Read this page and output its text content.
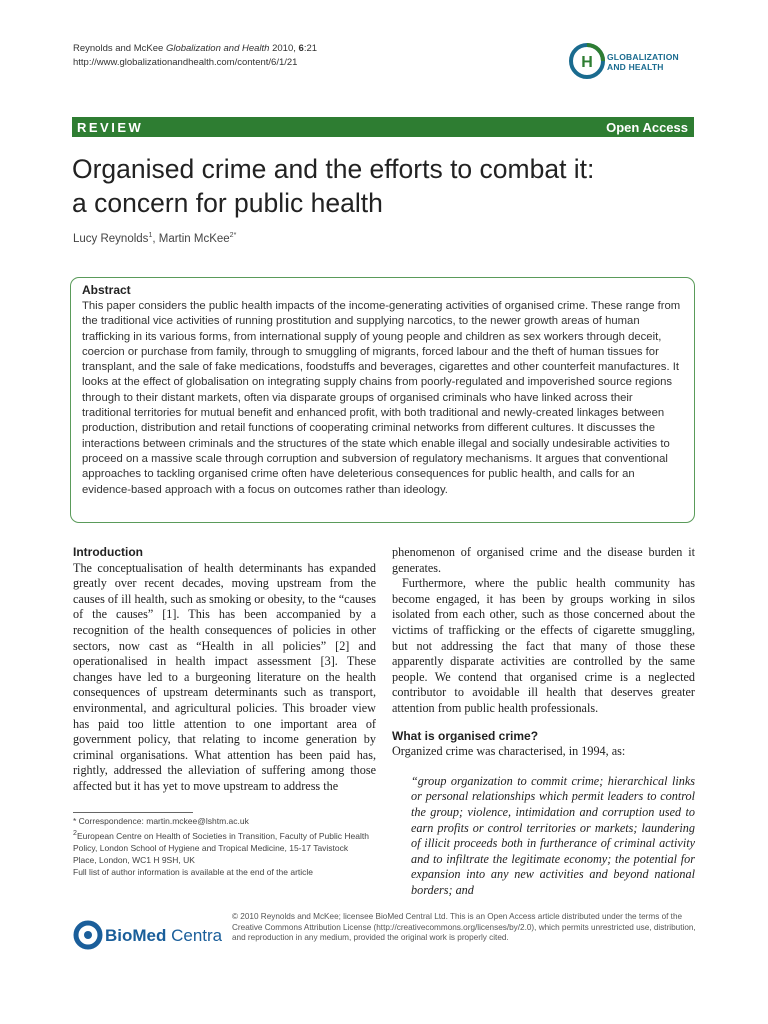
Reynolds and McKee Globalization and Health 2010, 6:21
http://www.globalizationandhealth.com/content/6/1/21	H GLOBALIZATION
AND HEALTH
REVIEW	Open Access
Organised crime and the efforts to combat it:
a concern for public health
Lucy Reynolds$^1$, Martin McKee$^{2*}$
Abstract

This paper considers the public health impacts of the income-generating activities of organised crime. These range from the traditional vice activities of running prostitution and supplying narcotics, to the newer growth areas of human trafficking in its various forms, from international supply of young people and children as sex workers through deceit, coercion or purchase from family, through to smuggling of migrants, forced labour and the theft of human tissues for transplant, and the sale of fake medications, foodstuffs and beverages, cigarettes and other counterfeit manufactures. It looks at the effect of globalisation on integrating supply chains from poorly-regulated and impoverished source regions through to their distant markets, often via disparate groups of organised criminals who have linked across their traditional territories for mutual benefit and enhanced profit, with both traditional and newly-created linkages between production, distribution and retail functions of cooperating criminal networks from different cultures. It discusses the interactions between criminals and the structures of the state which enable illegal and socially undesirable activities to proceed on a massive scale through corruption and subversion of regulatory mechanisms. It argues that conventional approaches to tackling organised crime often have deleterious consequences for public health, and calls for an evidence-based approach with a focus on outcomes rather than ideology.

Introduction

The conceptualisation of health determinants has expanded greatly over recent decades, moving upstream from the causes of ill health, such as smoking or obesity, to the “causes of the causes” [1]. This has been accompanied by a recognition of the health consequences of policies in other sectors, now cast as “Health in all policies” [2] and operationalised in health impact assessment [3]. These changes have led to a burgeoning literature on the health consequences of upstream determinants such as transport, environmental, and agricultural policies. This broader view has paid too little attention to one important area of government policy, that relating to income generation by criminal organisations. What attention has been paid has, rightly, addressed the alleviation of suffering among those affected but it has yet to move upstream to address the

phenomenon of organised crime and the disease burden it generates.

Furthermore, where the public health community has become engaged, it has been by groups working in silos isolated from each other, such as those concerned about the victims of trafficking or the effects of cigarette smuggling, but not addressing the fact that many of those these apparently disparate activities are controlled by the same people. We contend that organised crime is a neglected contributor to avoidable ill health that deserves greater attention from public health professionals.

What is organised crime?

Organized crime was characterised, in 1994, as:

“group organization to commit crime; hierarchical links or personal relationships which permit leaders to control the group; violence, intimidation and corruption used to earn profits or control territories or markets; laundering of illicit proceeds both in furtherance of criminal activity and to infiltrate the legitimate economy; the potential for expansion into any new activities and beyond national borders; and

* Correspondence: martin.mckee@lshtm.ac.uk
$^2$European Centre on Health of Societies in Transition, Faculty of Public Health Policy, London School of Hygiene and Tropical Medicine, 15-17 Tavistock Place, London, WC1 H 9SH, UK
Full list of author information is available at the end of the article
BioMed Central
© 2010 Reynolds and McKee; licensee BioMed Central Ltd. This is an Open Access article distributed under the terms of the Creative Commons Attribution License (http://creativecommons.org/licenses/by/2.0), which permits unrestricted use, distribution, and reproduction in any medium, provided the original work is properly cited.
